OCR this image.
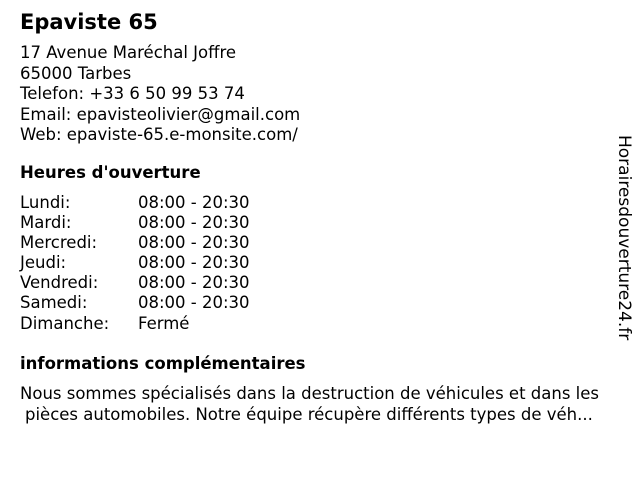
Epaviste 65
17 Avenue Maréchal Joffre
65000 Tarbes
Telefon: +33 6 50 99 53 74
Email: epavisteolivier@gmail.com
Web: epaviste-65.e-monsite.com/
Heures d'ouverture
Lundi:	08:00 - 20:30
Mardi:	08:00 - 20:30
Mercredi: 08:00 - 20:30
Jeudi:	08:00 - 20:30
Vendredi: 08:00 - 20:30
Samedi:	08:00 - 20:30
Dimanche: Fermé
informations complémentaires
Nous sommes spécialisés dans la destruction de véhicules et dans les
pièces automobiles. Notre équipe récupère différents types de véh...
Horairesdouverture24.fr
